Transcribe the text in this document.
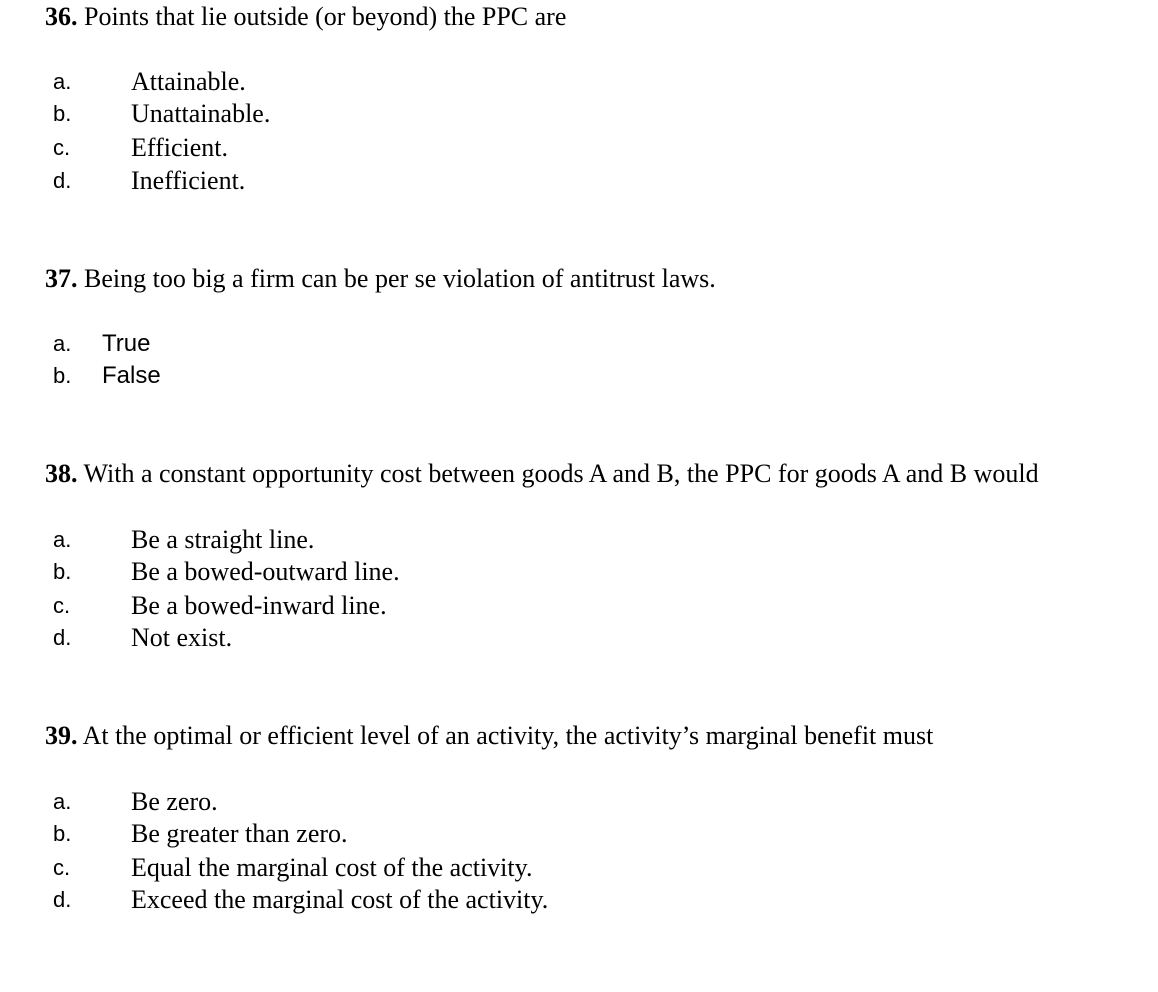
36. Points that lie outside (or beyond) the PPC are
a. Attainable.
b. Unattainable.
c. Efficient.
d. Inefficient.
37. Being too big a firm can be per se violation of antitrust laws.
a. True
b. False
38. With a constant opportunity cost between goods A and B, the PPC for goods A and B would
a. Be a straight line.
b. Be a bowed-outward line.
c. Be a bowed-inward line.
d. Not exist.
39. At the optimal or efficient level of an activity, the activity’s marginal benefit must
a. Be zero.
b. Be greater than zero.
c. Equal the marginal cost of the activity.
d. Exceed the marginal cost of the activity.
